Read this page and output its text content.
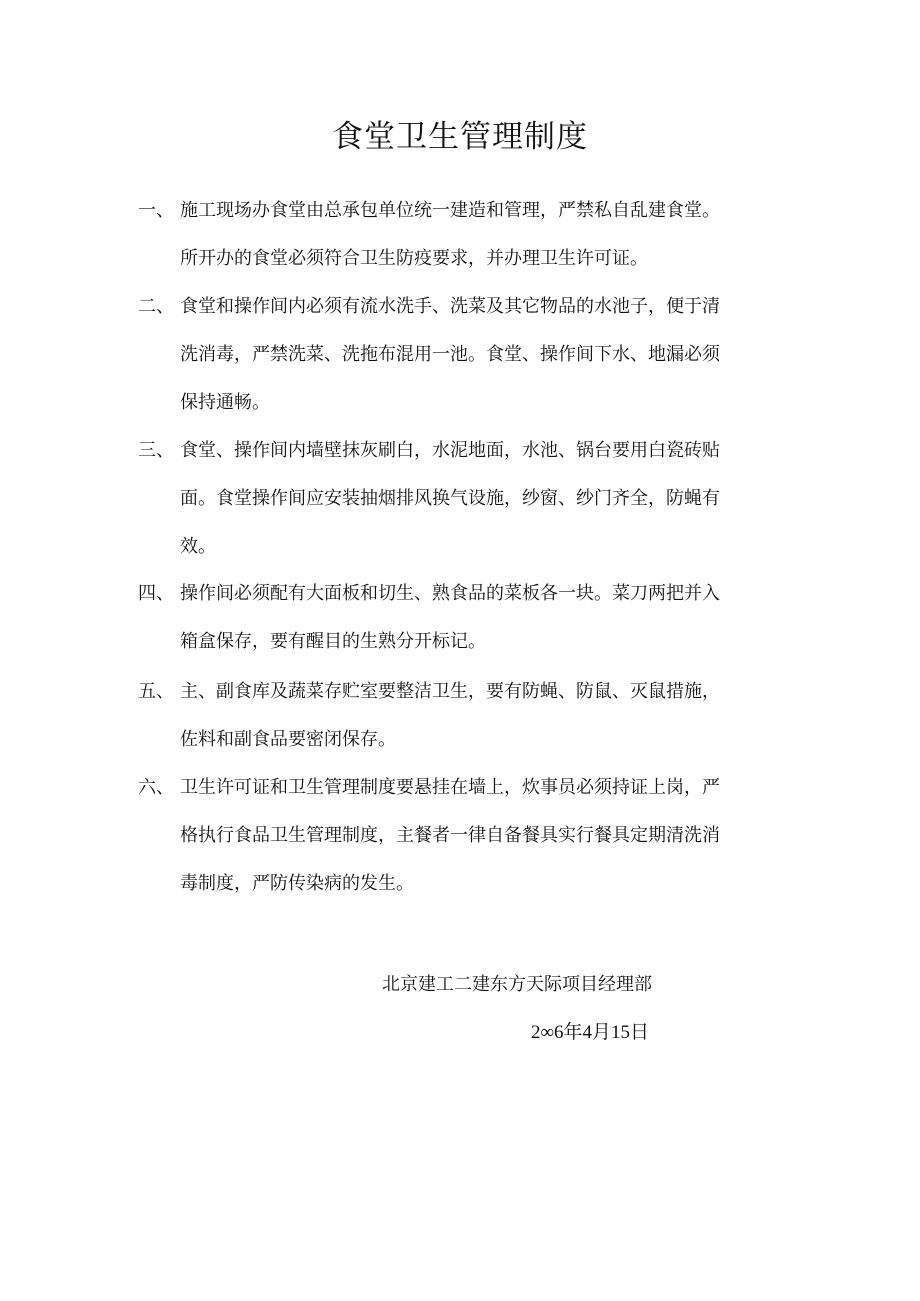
食堂卫生管理制度
一、 施工现场办食堂由总承包单位统一建造和管理，严禁私自乱建食堂。
所开办的食堂必须符合卫生防疫要求，并办理卫生许可证。
二、 食堂和操作间内必须有流水洗手、洗菜及其它物品的水池子，便于清
洗消毒，严禁洗菜、洗拖布混用一池。食堂、操作间下水、地漏必须
保持通畅。
三、 食堂、操作间内墙壁抹灰刷白，水泥地面，水池、锅台要用白瓷砖贴
面。食堂操作间应安装抽烟排风换气设施，纱窗、纱门齐全，防蝇有
效。
四、 操作间必须配有大面板和切生、熟食品的菜板各一块。菜刀两把并入
箱盒保存，要有醒目的生熟分开标记。
五、 主、副食库及蔬菜存贮室要整洁卫生，要有防蝇、防鼠、灭鼠措施，
佐料和副食品要密闭保存。
六、 卫生许可证和卫生管理制度要悬挂在墙上，炊事员必须持证上岗，严
格执行食品卫生管理制度，主餐者一律自备餐具实行餐具定期清洗消
毒制度，严防传染病的发生。
北京建工二建东方天际项目经理部
2∞6年4月15日
